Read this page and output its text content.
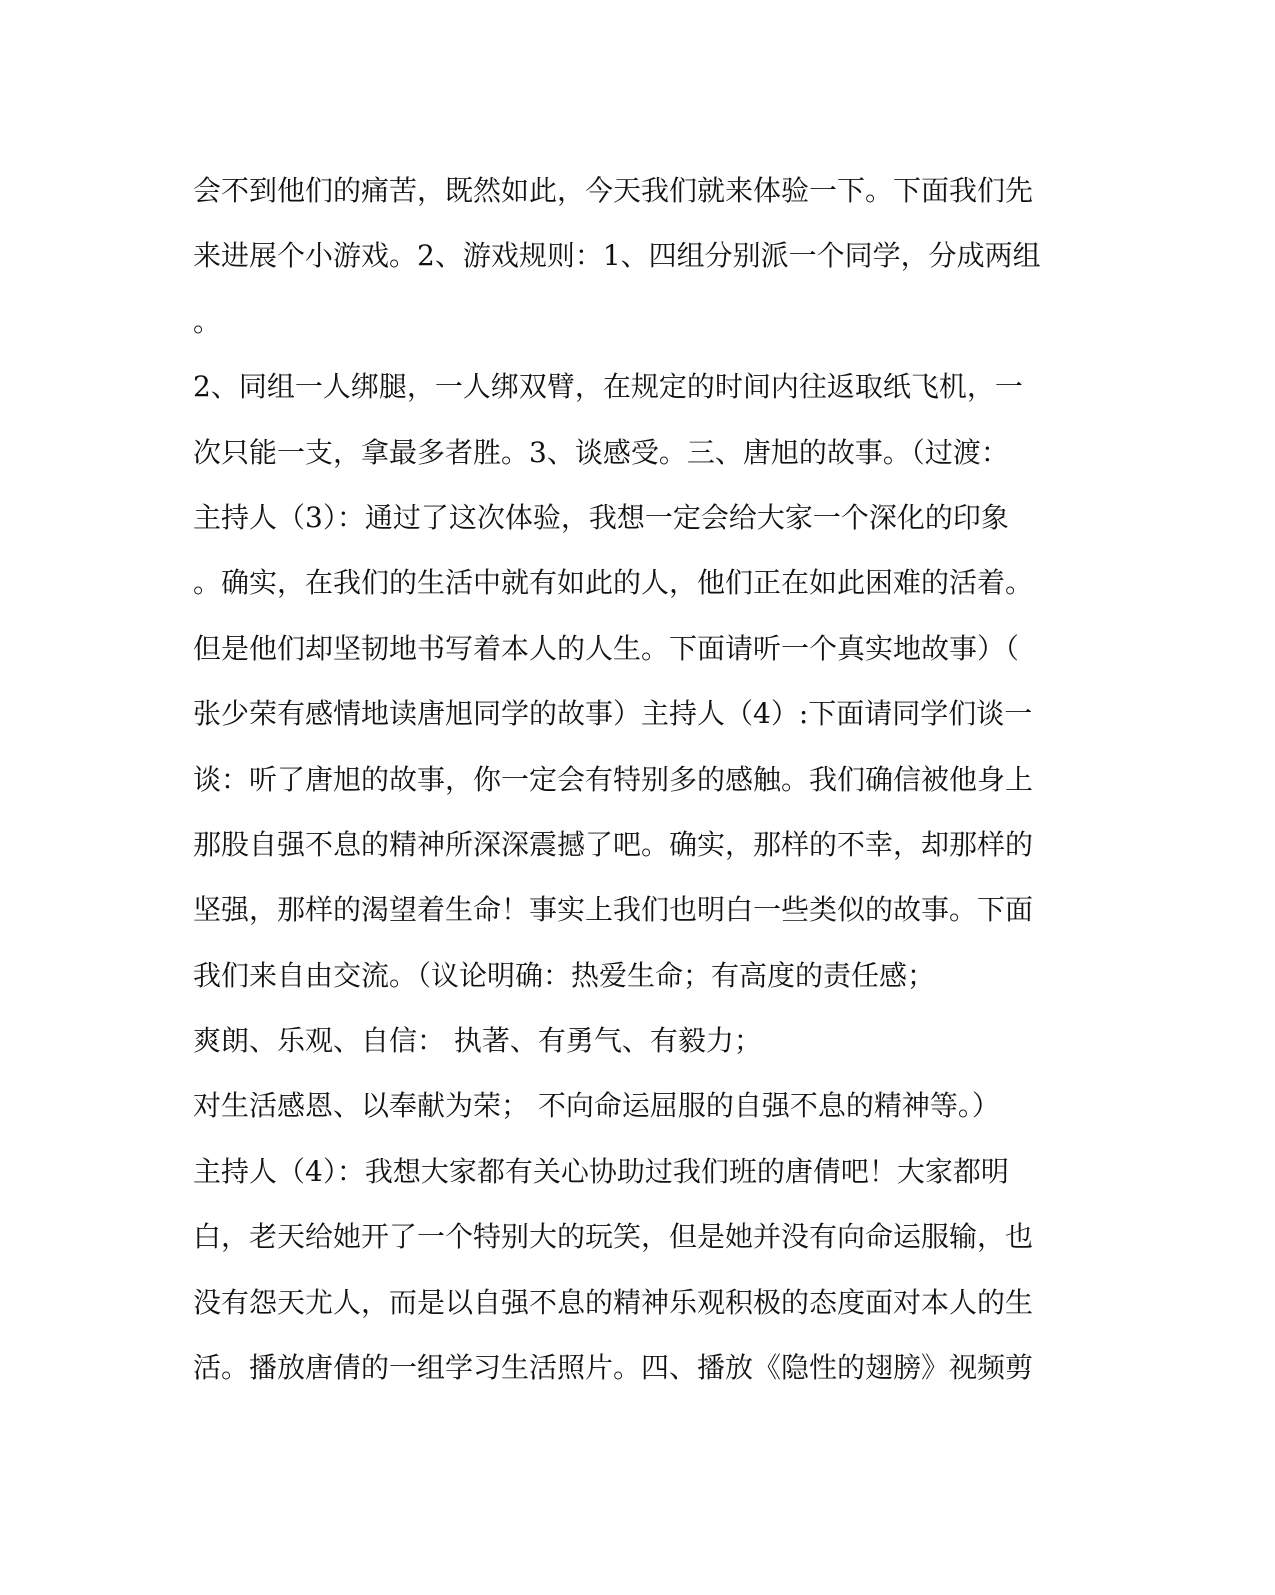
会不到他们的痛苦，既然如此，今天我们就来体验一下。下面我们先
来进展个小游戏。2、游戏规则：1、四组分别派一个同学，分成两组
。
2、同组一人绑腿，一人绑双臂，在规定的时间内往返取纸飞机，一
次只能一支，拿最多者胜。3、谈感受。三、唐旭的故事。（过渡：
主持人（3）：通过了这次体验，我想一定会给大家一个深化的印象
。确实，在我们的生活中就有如此的人，他们正在如此困难的活着。
但是他们却坚韧地书写着本人的人生。下面请听一个真实地故事）（
张少荣有感情地读唐旭同学的故事）主持人（4）:下面请同学们谈一
谈：听了唐旭的故事，你一定会有特别多的感触。我们确信被他身上
那股自强不息的精神所深深震撼了吧。确实，那样的不幸，却那样的
坚强，那样的渴望着生命！事实上我们也明白一些类似的故事。下面
我们来自由交流。（议论明确：热爱生命；有高度的责任感；
爽朗、乐观、自信： 执著、有勇气、有毅力；
对生活感恩、以奉献为荣； 不向命运屈服的自强不息的精神等。）
主持人（4）：我想大家都有关心协助过我们班的唐倩吧！大家都明
白，老天给她开了一个特别大的玩笑，但是她并没有向命运服输，也
没有怨天尤人，而是以自强不息的精神乐观积极的态度面对本人的生
活。播放唐倩的一组学习生活照片。四、播放《隐性的翅膀》视频剪
